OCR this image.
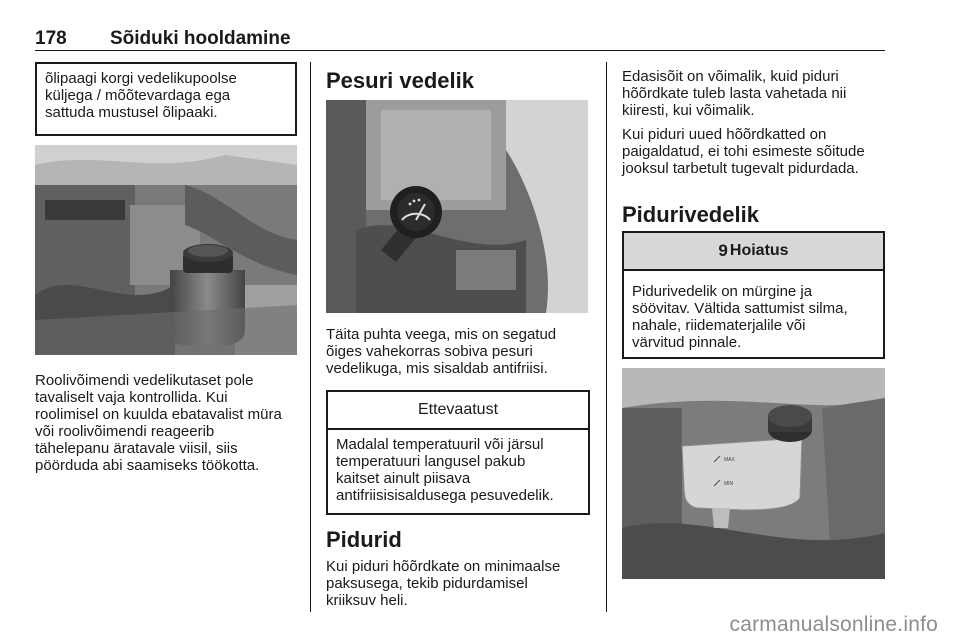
178 Sõiduki hooldamine
õlipaagi korgi vedelikupoolse
küljega / mõõtevardaga ega
sattuda mustusel õlipaaki.
Roolivõimendi vedelikutaset pole
tavaliselt vaja kontrollida. Kui
roolimisel on kuulda ebatavalist müra
või roolivõimendi reageerib
tähelepanu äratavale viisil, siis
pöörduda abi saamiseks töökotta.
Pesuri vedelik
Täita puhta veega, mis on segatud
õiges vahekorras sobiva pesuri
vedelikuga, mis sisaldab antifriisi.
Ettevaatust
Madalal temperatuuril või järsul
temperatuuri langusel pakub
kaitset ainult piisava
antifriisisisaldusega pesuvedelik.
Pidurid
Kui piduri hõõrdkate on minimaalse
paksusega, tekib pidurdamisel
kriiksuv heli.
Edasisõit on võimalik, kuid piduri
hõõrdkate tuleb lasta vahetada nii
kiiresti, kui võimalik.
Kui piduri uued hõõrdkatted on
paigaldatud, ei tohi esimeste sõitude
jooksul tarbetult tugevalt pidurdada.
Pidurivedelik
9 Hoiatus
Pidurivedelik on mürgine ja
söövitav. Vältida sattumist silma,
nahale, riidematerjalile või
värvitud pinnale.
MAX
MIN
carmanualsonline.info
